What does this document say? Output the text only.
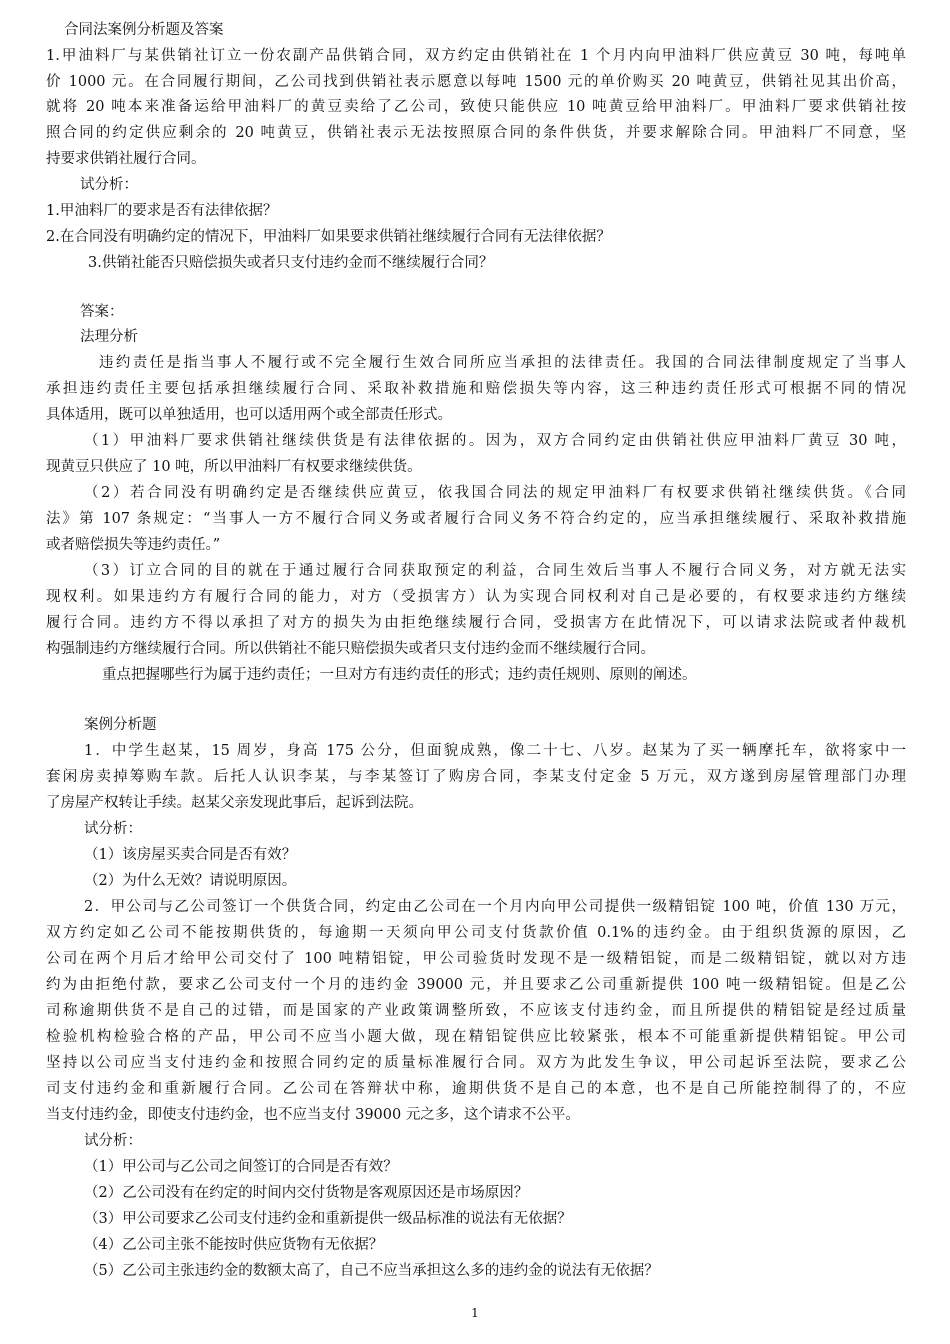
合同法案例分析题及答案
1.甲油料厂与某供销社订立一份农副产品供销合同，双方约定由供销社在 1 个月内向甲油料厂供应黄豆 30 吨，每吨单
价 1000 元。在合同履行期间，乙公司找到供销社表示愿意以每吨 1500 元的单价购买 20 吨黄豆，供销社见其出价高，
就将 20 吨本来准备运给甲油料厂的黄豆卖给了乙公司，致使只能供应 10 吨黄豆给甲油料厂。甲油料厂要求供销社按
照合同的约定供应剩余的 20 吨黄豆，供销社表示无法按照原合同的条件供货，并要求解除合同。甲油料厂不同意，坚
持要求供销社履行合同。
试分析：
1.甲油料厂的要求是否有法律依据？
2.在合同没有明确约定的情况下，甲油料厂如果要求供销社继续履行合同有无法律依据？
3.供销社能否只赔偿损失或者只支付违约金而不继续履行合同？
答案：
法理分析
违约责任是指当事人不履行或不完全履行生效合同所应当承担的法律责任。我国的合同法律制度规定了当事人
承担违约责任主要包括承担继续履行合同、采取补救措施和赔偿损失等内容，这三种违约责任形式可根据不同的情况
具体适用，既可以单独适用，也可以适用两个或全部责任形式。
（1）甲油料厂要求供销社继续供货是有法律依据的。因为，双方合同约定由供销社供应甲油料厂黄豆 30 吨，
现黄豆只供应了 10 吨，所以甲油料厂有权要求继续供货。
（2）若合同没有明确约定是否继续供应黄豆，依我国合同法的规定甲油料厂有权要求供销社继续供货。《合同
法》第 107 条规定：“当事人一方不履行合同义务或者履行合同义务不符合约定的，应当承担继续履行、采取补救措施
或者赔偿损失等违约责任。”
（3）订立合同的目的就在于通过履行合同获取预定的利益，合同生效后当事人不履行合同义务，对方就无法实
现权利。如果违约方有履行合同的能力，对方（受损害方）认为实现合同权利对自己是必要的，有权要求违约方继续
履行合同。违约方不得以承担了对方的损失为由拒绝继续履行合同，受损害方在此情况下，可以请求法院或者仲裁机
构强制违约方继续履行合同。所以供销社不能只赔偿损失或者只支付违约金而不继续履行合同。
重点把握哪些行为属于违约责任；一旦对方有违约责任的形式；违约责任规则、原则的阐述。
案例分析题
1．中学生赵某，15 周岁，身高 175 公分，但面貌成熟，像二十七、八岁。赵某为了买一辆摩托车，欲将家中一
套闲房卖掉筹购车款。后托人认识李某，与李某签订了购房合同，李某支付定金 5 万元，双方遂到房屋管理部门办理
了房屋产权转让手续。赵某父亲发现此事后，起诉到法院。
试分析：
（1）该房屋买卖合同是否有效？
（2）为什么无效？请说明原因。
2．甲公司与乙公司签订一个供货合同，约定由乙公司在一个月内向甲公司提供一级精铝锭 100 吨，价值 130 万元，
双方约定如乙公司不能按期供货的，每逾期一天须向甲公司支付货款价值 0.1%的违约金。由于组织货源的原因，乙
公司在两个月后才给甲公司交付了 100 吨精铝锭，甲公司验货时发现不是一级精铝锭，而是二级精铝锭，就以对方违
约为由拒绝付款，要求乙公司支付一个月的违约金 39000 元，并且要求乙公司重新提供 100 吨一级精铝锭。但是乙公
司称逾期供货不是自己的过错，而是国家的产业政策调整所致，不应该支付违约金，而且所提供的精铝锭是经过质量
检验机构检验合格的产品，甲公司不应当小题大做，现在精铝锭供应比较紧张，根本不可能重新提供精铝锭。甲公司
坚持以公司应当支付违约金和按照合同约定的质量标准履行合同。双方为此发生争议，甲公司起诉至法院，要求乙公
司支付违约金和重新履行合同。乙公司在答辩状中称，逾期供货不是自己的本意，也不是自己所能控制得了的，不应
当支付违约金，即使支付违约金，也不应当支付 39000 元之多，这个请求不公平。
试分析：
（1）甲公司与乙公司之间签订的合同是否有效？
（2）乙公司没有在约定的时间内交付货物是客观原因还是市场原因？
（3）甲公司要求乙公司支付违约金和重新提供一级品标准的说法有无依据？
（4）乙公司主张不能按时供应货物有无依据？
（5）乙公司主张违约金的数额太高了，自己不应当承担这么多的违约金的说法有无依据？
1
